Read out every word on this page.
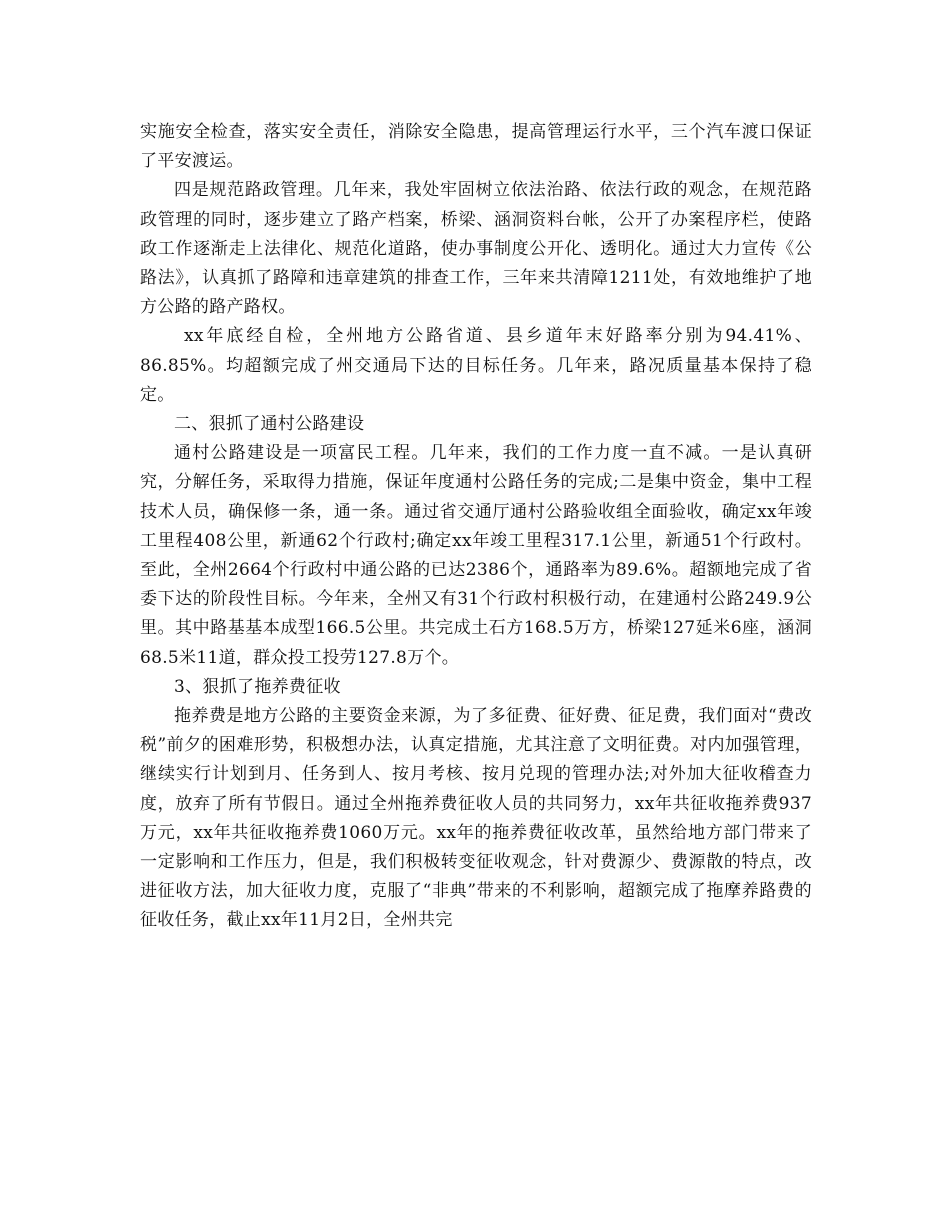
实施安全检查，落实安全责任，消除安全隐患，提高管理运行水平，三个汽车渡口保证了平安渡运。

四是规范路政管理。几年来，我处牢固树立依法治路、依法行政的观念，在规范路政管理的同时，逐步建立了路产档案，桥梁、涵洞资料台帐，公开了办案程序栏，使路政工作逐渐走上法律化、规范化道路，使办事制度公开化、透明化。通过大力宣传《公路法》，认真抓了路障和违章建筑的排查工作，三年来共清障1211处，有效地维护了地方公路的路产路权。

xx年底经自检，全州地方公路省道、县乡道年末好路率分别为94.41%、86.85%。均超额完成了州交通局下达的目标任务。几年来，路况质量基本保持了稳定。

二、狠抓了通村公路建设

通村公路建设是一项富民工程。几年来，我们的工作力度一直不减。一是认真研究，分解任务，采取得力措施，保证年度通村公路任务的完成;二是集中资金，集中工程技术人员，确保修一条，通一条。通过省交通厅通村公路验收组全面验收，确定xx年竣工里程408公里，新通62个行政村;确定xx年竣工里程317.1公里，新通51个行政村。至此，全州2664个行政村中通公路的已达2386个，通路率为89.6%。超额地完成了省委下达的阶段性目标。今年来，全州又有31个行政村积极行动，在建通村公路249.9公里。其中路基基本成型166.5公里。共完成土石方168.5万方，桥梁127延米6座，涵洞68.5米11道，群众投工投劳127.8万个。

3、狠抓了拖养费征收

拖养费是地方公路的主要资金来源，为了多征费、征好费、征足费，我们面对“费改税”前夕的困难形势，积极想办法，认真定措施，尤其注意了文明征费。对内加强管理，继续实行计划到月、任务到人、按月考核、按月兑现的管理办法;对外加大征收稽查力度，放弃了所有节假日。通过全州拖养费征收人员的共同努力，xx年共征收拖养费937万元，xx年共征收拖养费1060万元。xx年的拖养费征收改革，虽然给地方部门带来了一定影响和工作压力，但是，我们积极转变征收观念，针对费源少、费源散的特点，改进征收方法，加大征收力度，克服了“非典”带来的不利影响，超额完成了拖摩养路费的征收任务，截止xx年11月2日，全州共完
